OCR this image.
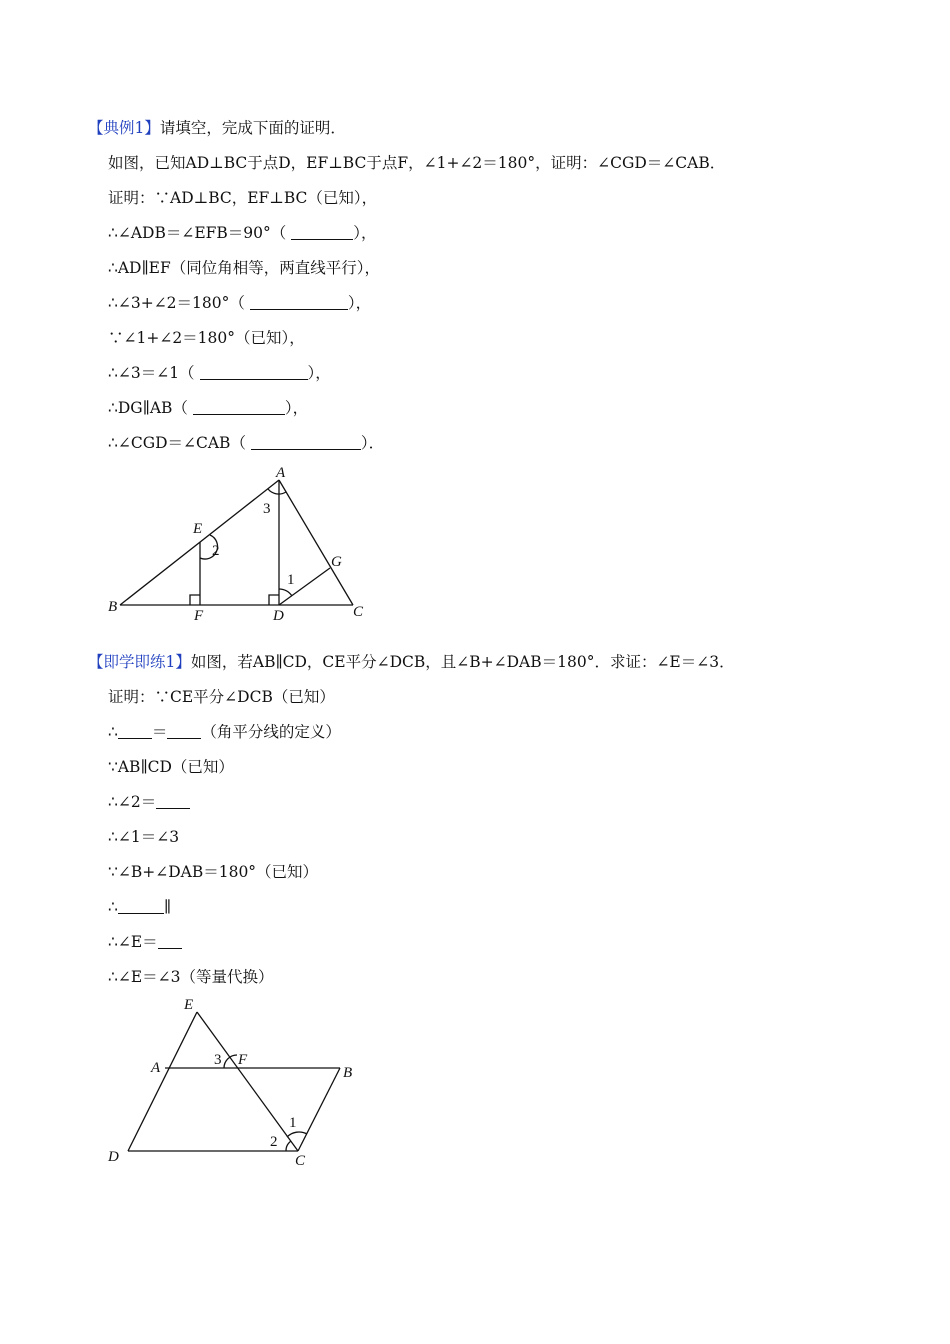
【典例1】请填空，完成下面的证明．
如图，已知AD⊥BC于点D，EF⊥BC于点F，∠1+∠2＝180°，证明：∠CGD＝∠CAB．
证明：∵AD⊥BC，EF⊥BC（已知），
∴∠ADB＝∠EFB＝90°（	），
∴AD∥EF（同位角相等，两直线平行），
∴∠3+∠2＝180°（	），
∵∠1+∠2＝180°（已知），
∴∠3＝∠1（	），
∴DG∥AB（	），
∴∠CGD＝∠CAB（	）．
A
B	C
D
E
F
G
2
3
1
【即学即练1】如图，若AB∥CD，CE平分∠DCB，且∠B+∠DAB＝180°．求证：∠E＝∠3．
证明：∵CE平分∠DCB（已知）
∴ ＝ （角平分线的定义）
∵AB∥CD（已知）
∴∠2＝
∴∠1＝∠3
∵∠B+∠DAB＝180°（已知）
∴	∥
∴∠E＝
∴∠E＝∠3（等量代换）
E
A	F
B
D	C
3
2
1
